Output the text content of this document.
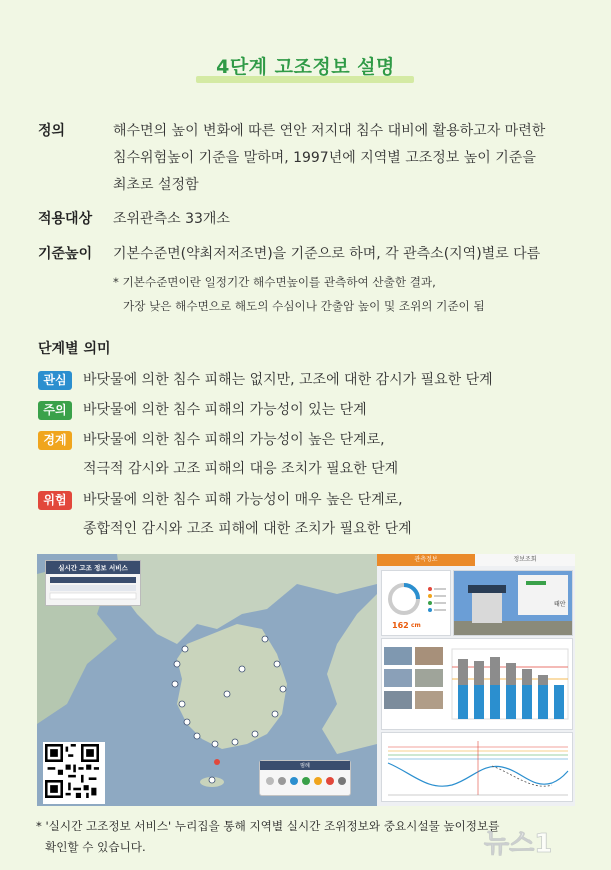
4단계 고조정보 설명
정의	해수면의 높이 변화에 따른 연안 저지대 침수 대비에 활용하고자 마련한
침수위험높이 기준을 말하며, 1997년에 지역별 고조정보 높이 기준을
최초로 설정함
적용대상 조위관측소 33개소
기준높이 기본수준면(약최저저조면)을 기준으로 하며, 각 관측소(지역)별로 다름
* 기본수준면이란 일정기간 해수면높이를 관측하여 산출한 결과,
가장 낮은 해수면으로 해도의 수심이나 간출암 높이 및 조위의 기준이 됨
단계별 의미
관심	바닷물에 의한 침수 피해는 없지만, 고조에 대한 감시가 필요한 단계
주의	바닷물에 의한 침수 피해의 가능성이 있는 단계
경계	바닷물에 의한 침수 피해의 가능성이 높은 단계로,
적극적 감시와 고조 피해의 대응 조치가 필요한 단계
위험	바닷물에 의한 침수 피해 가능성이 매우 높은 단계로,
종합적인 감시와 고조 피해에 대한 조치가 필요한 단계
실시간 고조 정보 서비스
범례
관측정보	정보조회
162 cm
태안
* '실시간 고조정보 서비스' 누리집을 통해 지역별 실시간 조위정보와 중요시설물 높이정보를
확인할 수 있습니다.	뉴스1
